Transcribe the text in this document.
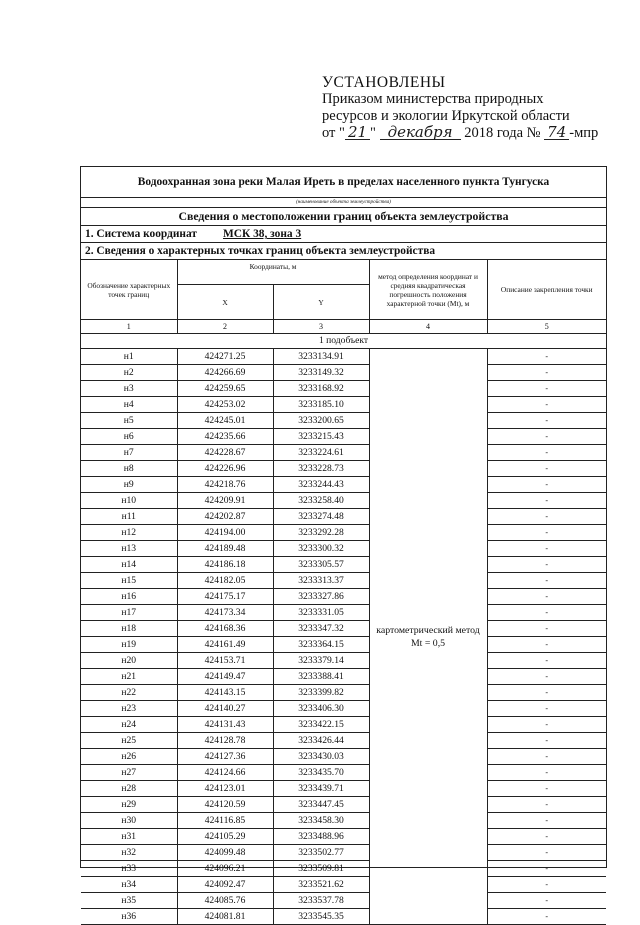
УСТАНОВЛЕНЫ
Приказом министерства природных
ресурсов и экологии Иркутской области
от " 21 " декабря 2018 года № 74 -мпр
Водоохранная зона реки Малая Иреть в пределах населенного пункта Тунгуска
(наименование объекта землеустройства)
Сведения о местоположении границ объекта землеустройства
1. Система координат МСК 38, зона 3
2. Сведения о характерных точках границ объекта землеустройства
Обозначение характерных точек границ	Координаты, м		метод определения координат и средняя квадратическая погрешность положения характерной точки (Mt), м	Описание закрепления точки
	X	Y		
1	2	3	4	5
1 подобъект				
н1	424271.25	3233134.91	картометрический метод Mt = 0,5	-
н2	424266.69	3233149.32		-
н3	424259.65	3233168.92		-
н4	424253.02	3233185.10		-
н5	424245.01	3233200.65		-
н6	424235.66	3233215.43		-
н7	424228.67	3233224.61		-
н8	424226.96	3233228.73		-
н9	424218.76	3233244.43		-
н10	424209.91	3233258.40		-
н11	424202.87	3233274.48		-
н12	424194.00	3233292.28		-
н13	424189.48	3233300.32		-
н14	424186.18	3233305.57		-
н15	424182.05	3233313.37		-
н16	424175.17	3233327.86		-
н17	424173.34	3233331.05		-
н18	424168.36	3233347.32		-
н19	424161.49	3233364.15		-
н20	424153.71	3233379.14		-
н21	424149.47	3233388.41		-
н22	424143.15	3233399.82		-
н23	424140.27	3233406.30		-
н24	424131.43	3233422.15		-
н25	424128.78	3233426.44		-
н26	424127.36	3233430.03		-
н27	424124.66	3233435.70		-
н28	424123.01	3233439.71		-
н29	424120.59	3233447.45		-
н30	424116.85	3233458.30		-
н31	424105.29	3233488.96		-
н32	424099.48	3233502.77		-
н33	424096.21	3233509.81		-
н34	424092.47	3233521.62		-
н35	424085.76	3233537.78		-
н36	424081.81	3233545.35		-
